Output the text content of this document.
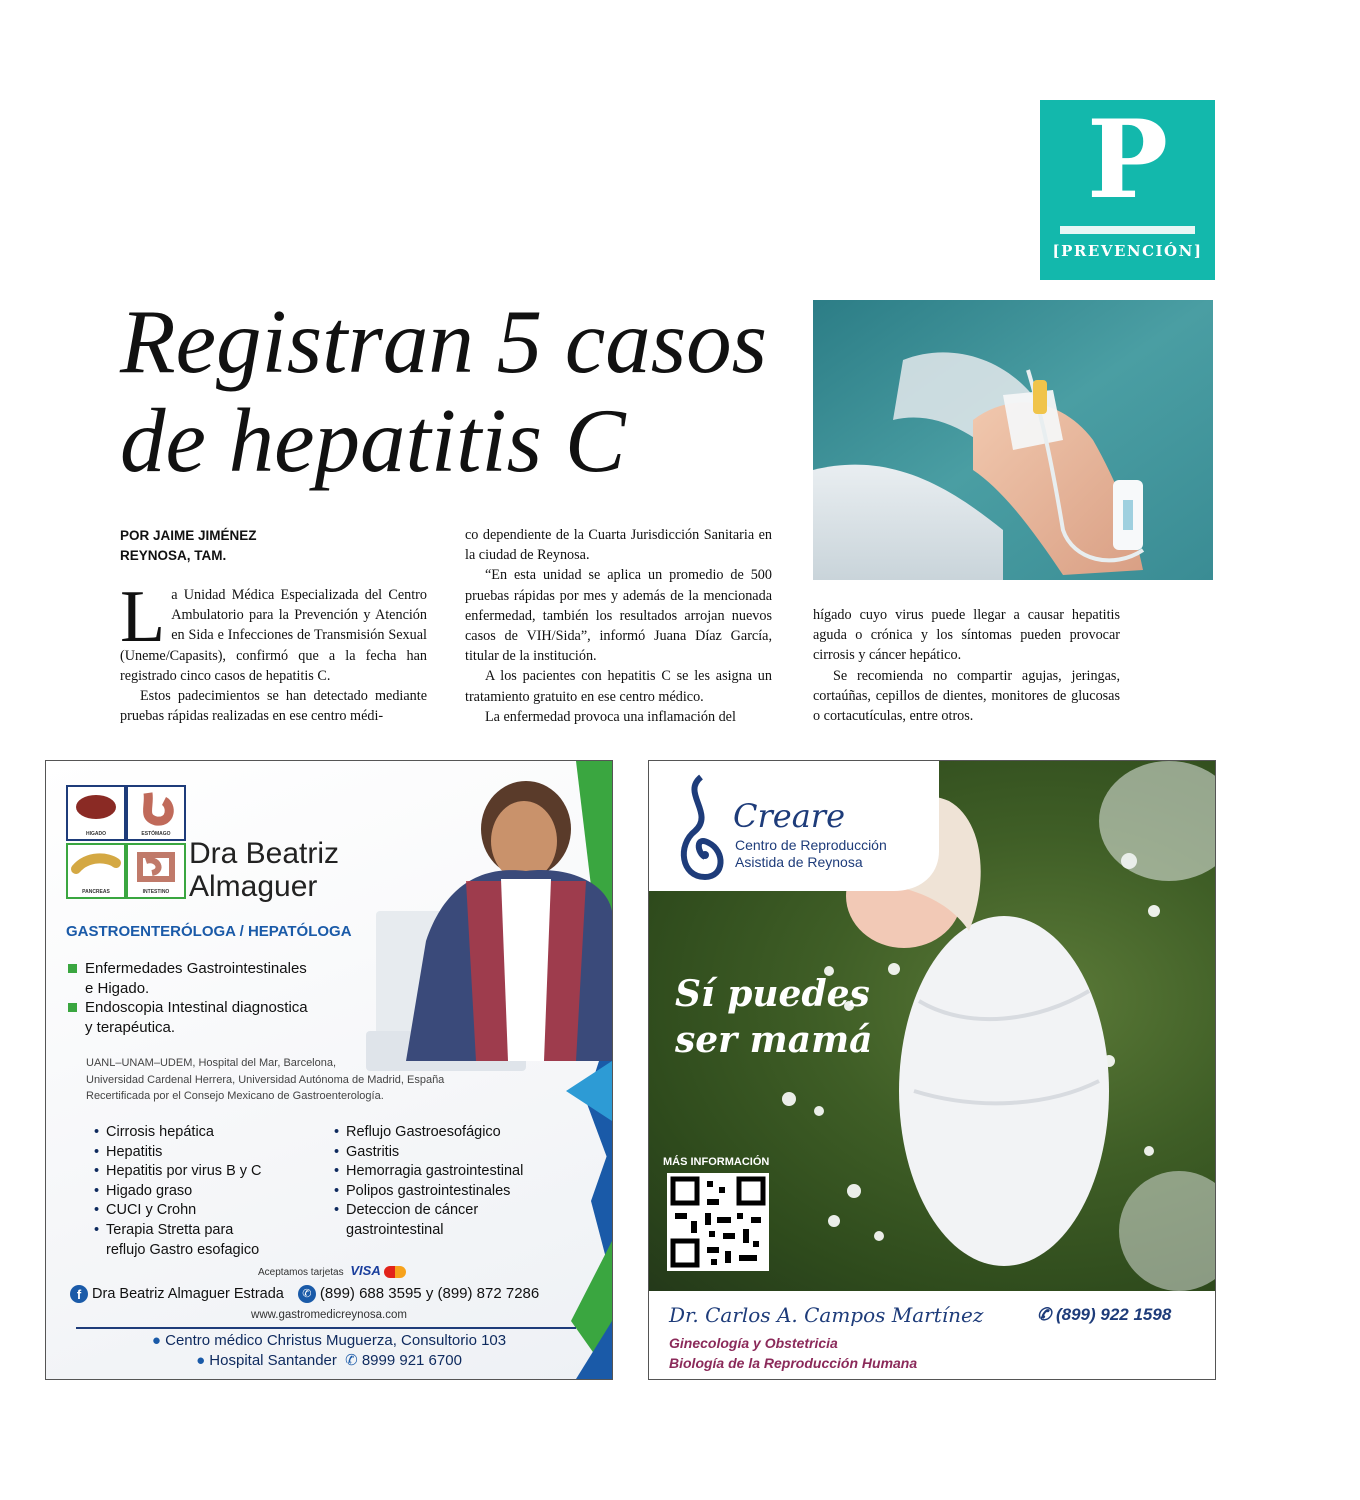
P
[PREVENCIÓN]
Registran 5 casos
de hepatitis C
POR JAIME JIMÉNEZ
REYNOSA, TAM.

La Unidad Médica Especializada del Centro Ambulatorio para la Prevención y Atención en Sida e Infecciones de Transmisión Sexual (Uneme/Capasits), confirmó que a la fecha han registrado cinco casos de hepatitis C.

Estos padecimientos se han detectado mediante pruebas rápidas realizadas en ese centro médi-

co dependiente de la Cuarta Jurisdicción Sanitaria en la ciudad de Reynosa.

“En esta unidad se aplica un promedio de 500 pruebas rápidas por mes y además de la mencionada enfermedad, también los resultados arrojan nuevos casos de VIH/Sida”, informó Juana Díaz García, titular de la institución.

A los pacientes con hepatitis C se les asigna un tratamiento gratuito en ese centro médico.

La enfermedad provoca una inflamación del

hígado cuyo virus puede llegar a causar hepatitis aguda o crónica y los síntomas pueden provocar cirrosis y cáncer hepático.

Se recomienda no compartir agujas, jeringas, cortaúñas, cepillos de dientes, monitores de glucosas o cortacutículas, entre otros.

HIGADO	ESTÓMAGO
PANCREAS	INTESTINO
Dra Beatriz
Almaguer
GASTROENTERÓLOGA / HEPATÓLOGA
Enfermedades Gastrointestinales
e Higado.
Endoscopia Intestinal diagnostica
y terapéutica.
UANL–UNAM–UDEM, Hospital del Mar, Barcelona,
Universidad Cardenal Herrera, Universidad Autónoma de Madrid, España
Recertificada por el Consejo Mexicano de Gastroenterología.
• Cirrosis hepática
• Hepatitis
• Hepatitis por virus B y C
• Higado graso
• CUCI y Crohn
• Terapia Stretta para
reflujo Gastro esofagico
• Reflujo Gastroesofágico
• Gastritis
• Hemorragia gastrointestinal
• Polipos gastrointestinales
• Deteccion de cáncer
gastrointestinal
Aceptamos tarjetas VISA
f Dra Beatriz Almaguer Estrada ✆ (899) 688 3595 y (899) 872 7286
www.gastromedicreynosa.com
● Centro médico Christus Muguerza, Consultorio 103
● Hospital Santander ✆ 8999 921 6700
Creare
Centro de Reproducción
Asistida de Reynosa
Sí puedes
ser mamá
MÁS INFORMACIÓN
Dr. Carlos A. Campos Martínez	✆ (899) 922 1598
Ginecología y Obstetricia
Biología de la Reproducción Humana
